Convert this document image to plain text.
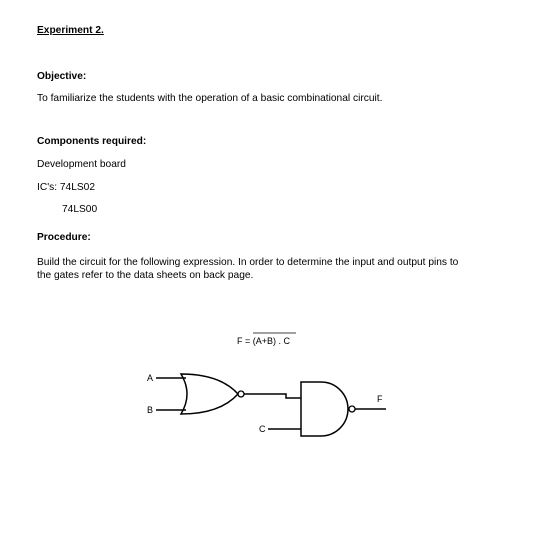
Experiment 2.

Objective:

To familiarize the students with the operation of a basic combinational circuit.

Components required:

Development board

IC's: 74LS02

74LS00

Procedure:

Build the circuit for the following expression. In order to determine the input and output pins to

the gates refer to the data sheets on back page.

F = (A+B) . C
A
B
C
F
